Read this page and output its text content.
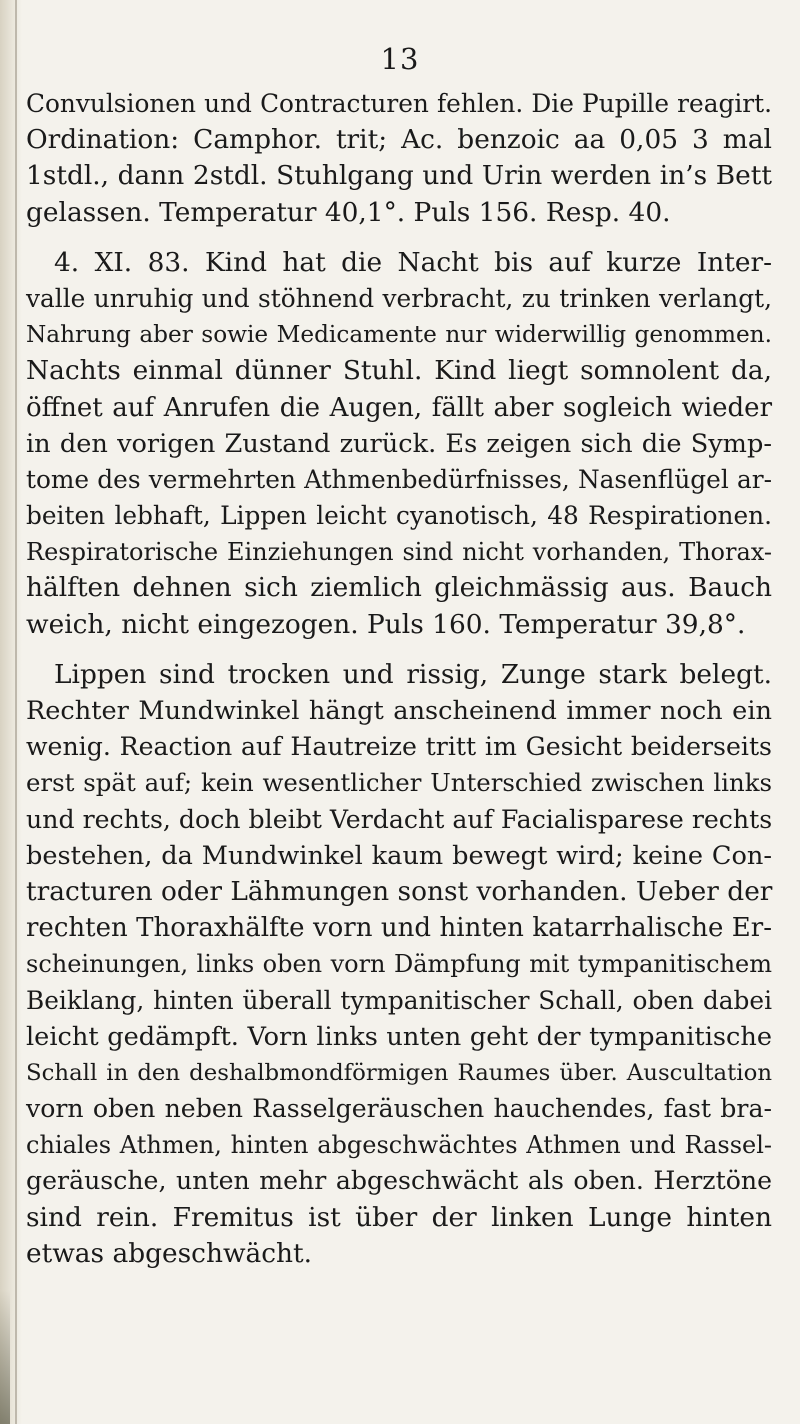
13
Convulsionen und Contracturen fehlen. Die Pupille reagirt.
Ordination: Camphor. trit; Ac. benzoic aa 0,05 3 mal
1stdl., dann 2stdl. Stuhlgang und Urin werden in’s Bett
gelassen. Temperatur 40,1°. Puls 156. Resp. 40.
4. XI. 83. Kind hat die Nacht bis auf kurze Inter-
valle unruhig und stöhnend verbracht, zu trinken verlangt,
Nahrung aber sowie Medicamente nur widerwillig genommen.
Nachts einmal dünner Stuhl. Kind liegt somnolent da,
öffnet auf Anrufen die Augen, fällt aber sogleich wieder
in den vorigen Zustand zurück. Es zeigen sich die Symp-
tome des vermehrten Athmenbedürfnisses, Nasenflügel ar-
beiten lebhaft, Lippen leicht cyanotisch, 48 Respirationen.
Respiratorische Einziehungen sind nicht vorhanden, Thorax-
hälften dehnen sich ziemlich gleichmässig aus. Bauch
weich, nicht eingezogen. Puls 160. Temperatur 39,8°.
Lippen sind trocken und rissig, Zunge stark belegt.
Rechter Mundwinkel hängt anscheinend immer noch ein
wenig. Reaction auf Hautreize tritt im Gesicht beiderseits
erst spät auf; kein wesentlicher Unterschied zwischen links
und rechts, doch bleibt Verdacht auf Facialisparese rechts
bestehen, da Mundwinkel kaum bewegt wird; keine Con-
tracturen oder Lähmungen sonst vorhanden. Ueber der
rechten Thoraxhälfte vorn und hinten katarrhalische Er-
scheinungen, links oben vorn Dämpfung mit tympanitischem
Beiklang, hinten überall tympanitischer Schall, oben dabei
leicht gedämpft. Vorn links unten geht der tympanitische
Schall in den deshalbmondförmigen Raumes über. Auscultation
vorn oben neben Rasselgeräuschen hauchendes, fast bra-
chiales Athmen, hinten abgeschwächtes Athmen und Rassel-
geräusche, unten mehr abgeschwächt als oben. Herztöne
sind rein. Fremitus ist über der linken Lunge hinten
etwas abgeschwächt.
